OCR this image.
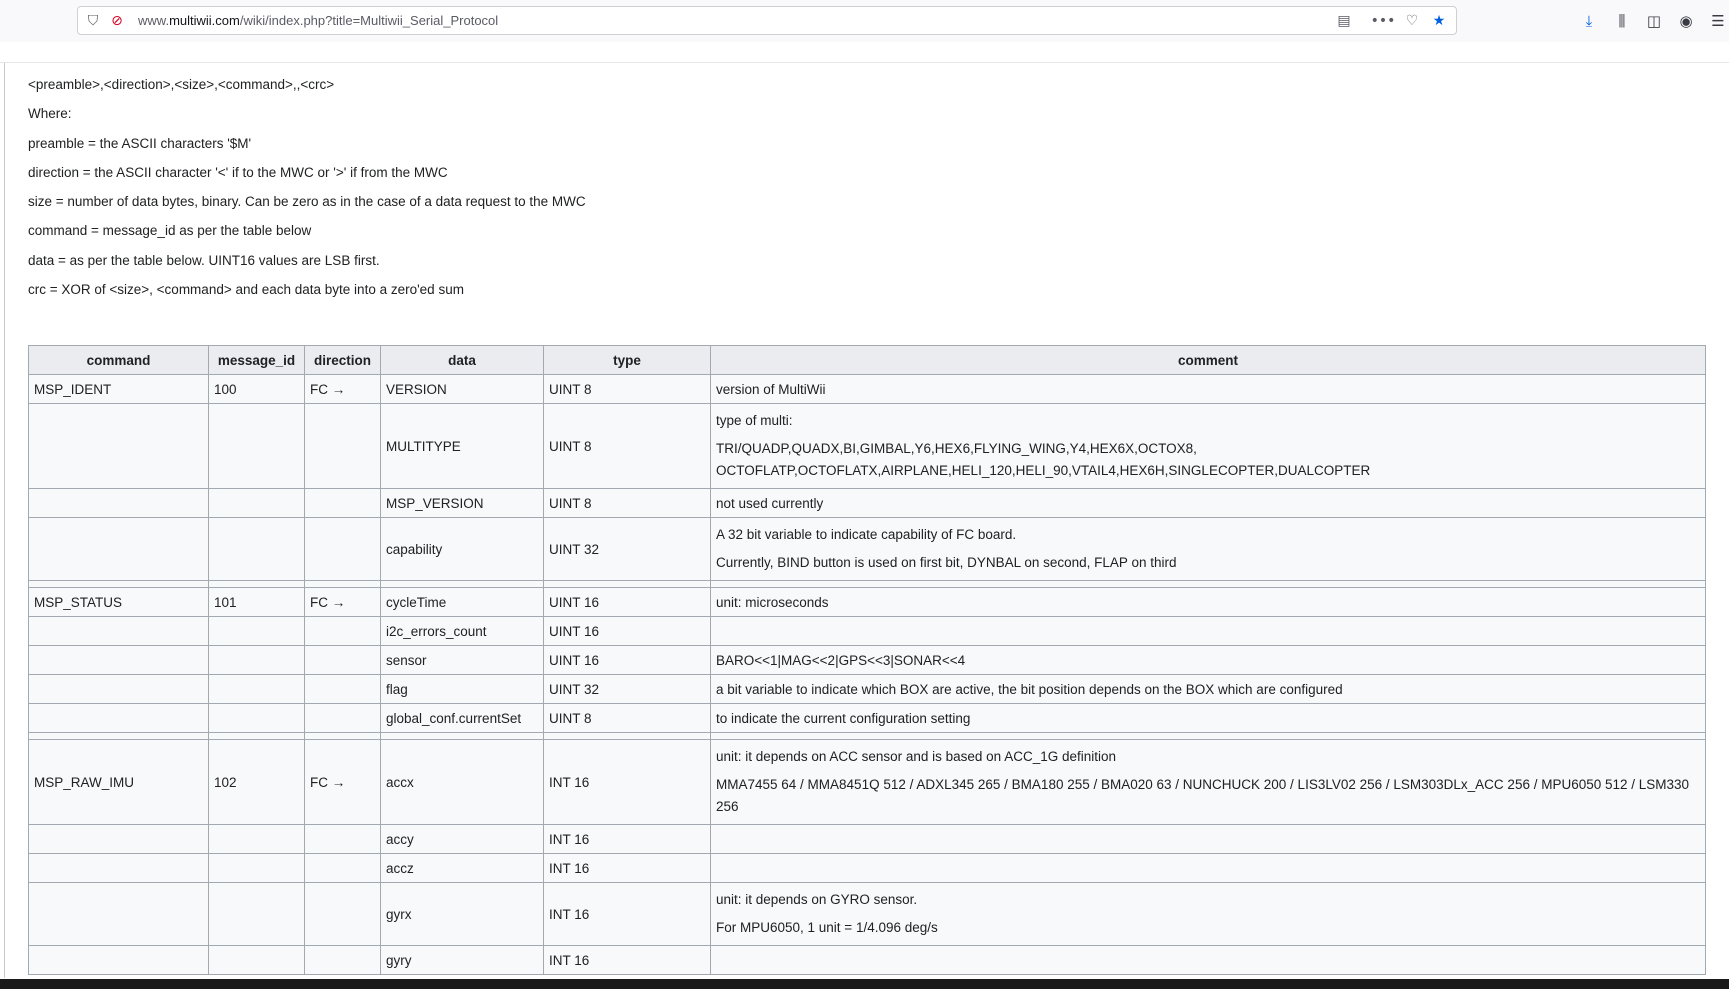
⛉ ⊘	www.multiwii.com/wiki/index.php?title=Multiwii_Serial_Protocol	▤ ••• ♡ ★	⤓	⫼	◫ ◉ ☰

<preamble>,<direction>,<size>,<command>,,<crc>

Where:

preamble = the ASCII characters '$M'

direction = the ASCII character '<' if to the MWC or '>' if from the MWC

size = number of data bytes, binary. Can be zero as in the case of a data request to the MWC

command = message_id as per the table below

data = as per the table below. UINT16 values are LSB first.

crc = XOR of <size>, <command> and each data byte into a zero'ed sum

command	message_id	direction	data	type	comment
MSP_IDENT	100	FC →	VERSION	UINT 8	version of MultiWii
			MULTITYPE	UINT 8	type of multi:

TRI/QUADP,QUADX,BI,GIMBAL,Y6,HEX6,FLYING_WING,Y4,HEX6X,OCTOX8, OCTOFLATP,OCTOFLATX,AIRPLANE,HELI_120,HELI_90,VTAIL4,HEX6H,SINGLECOPTER,DUALCOPTER

			MSP_VERSION	UINT 8	not used currently
			capability	UINT 32	A 32 bit variable to indicate capability of FC board.

Currently, BIND button is used on first bit, DYNBAL on second, FLAP on third

MSP_STATUS	101	FC →	cycleTime	UINT 16	unit: microseconds
			i2c_errors_count	UINT 16	
			sensor	UINT 16	BARO<<1|MAG<<2|GPS<<3|SONAR<<4
			flag	UINT 32	a bit variable to indicate which BOX are active, the bit position depends on the BOX which are configured
			global_conf.currentSet	UINT 8	to indicate the current configuration setting

MSP_RAW_IMU	102	FC →	accx	INT 16	unit: it depends on ACC sensor and is based on ACC_1G definition

MMA7455 64 / MMA8451Q 512 / ADXL345 265 / BMA180 255 / BMA020 63 / NUNCHUCK 200 / LIS3LV02 256 / LSM303DLx_ACC 256 / MPU6050 512 / LSM330 256

			accy	INT 16	
			accz	INT 16	
			gyrx	INT 16	unit: it depends on GYRO sensor.

For MPU6050, 1 unit = 1/4.096 deg/s

			gyry	INT 16	
